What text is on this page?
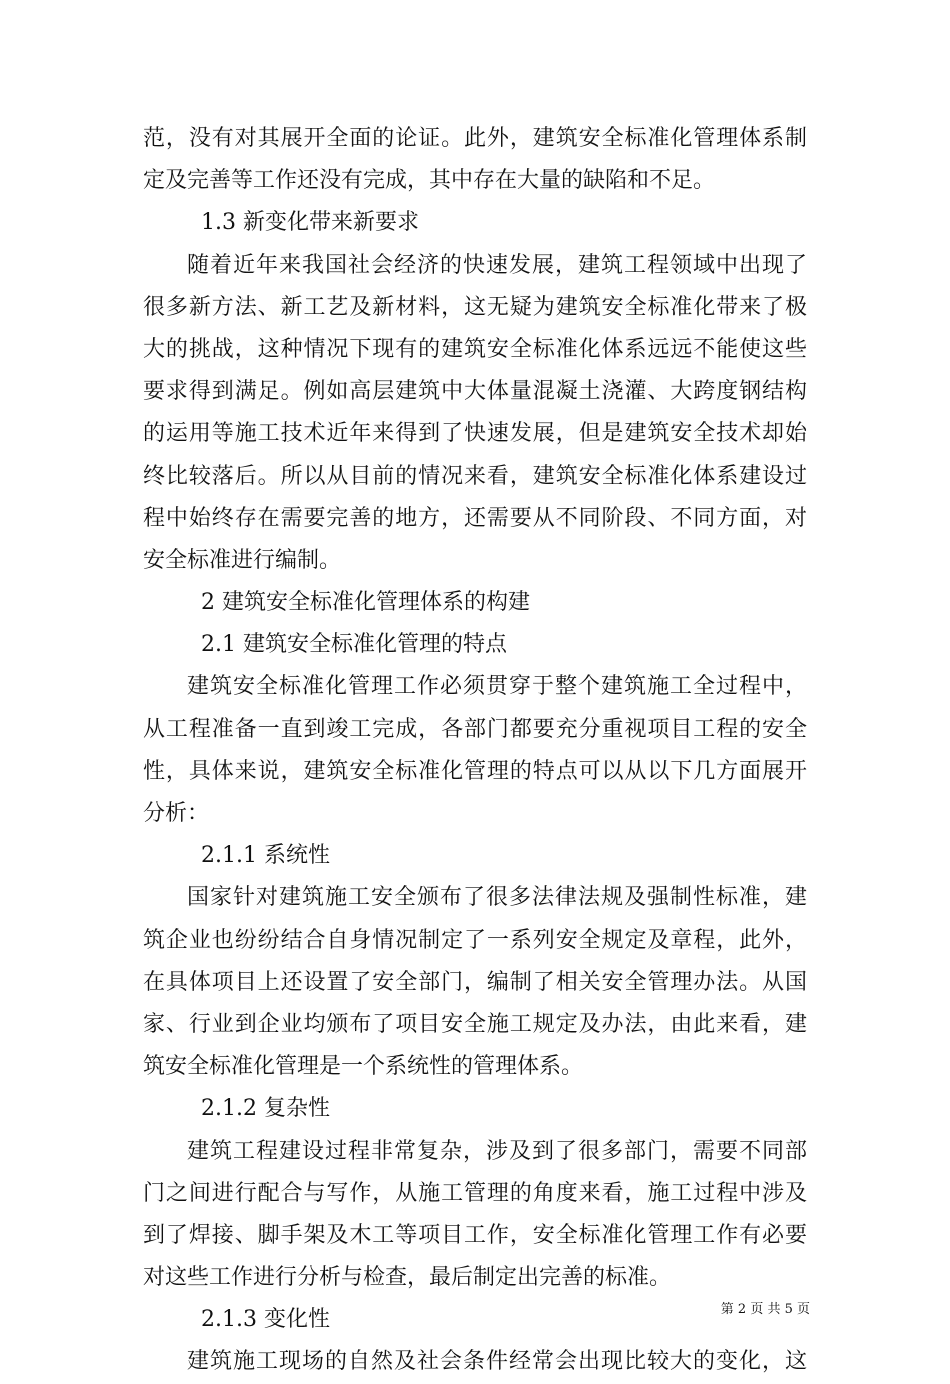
范，没有对其展开全面的论证。此外，建筑安全标准化管理体系制
定及完善等工作还没有完成，其中存在大量的缺陷和不足。
1.3 新变化带来新要求
随着近年来我国社会经济的快速发展，建筑工程领域中出现了
很多新方法、新工艺及新材料，这无疑为建筑安全标准化带来了极
大的挑战，这种情况下现有的建筑安全标准化体系远远不能使这些
要求得到满足。例如高层建筑中大体量混凝土浇灌、大跨度钢结构
的运用等施工技术近年来得到了快速发展，但是建筑安全技术却始
终比较落后。所以从目前的情况来看，建筑安全标准化体系建设过
程中始终存在需要完善的地方，还需要从不同阶段、不同方面，对
安全标准进行编制。
2 建筑安全标准化管理体系的构建
2.1 建筑安全标准化管理的特点
建筑安全标准化管理工作必须贯穿于整个建筑施工全过程中，
从工程准备一直到竣工完成，各部门都要充分重视项目工程的安全
性，具体来说，建筑安全标准化管理的特点可以从以下几方面展开
分析：
2.1.1 系统性
国家针对建筑施工安全颁布了很多法律法规及强制性标准，建
筑企业也纷纷结合自身情况制定了一系列安全规定及章程，此外，
在具体项目上还设置了安全部门，编制了相关安全管理办法。从国
家、行业到企业均颁布了项目安全施工规定及办法，由此来看，建
筑安全标准化管理是一个系统性的管理体系。
2.1.2 复杂性
建筑工程建设过程非常复杂，涉及到了很多部门，需要不同部
门之间进行配合与写作，从施工管理的角度来看，施工过程中涉及
到了焊接、脚手架及木工等项目工作，安全标准化管理工作有必要
对这些工作进行分析与检查，最后制定出完善的标准。
2.1.3 变化性
建筑施工现场的自然及社会条件经常会出现比较大的变化，这
第 2 页 共 5 页
